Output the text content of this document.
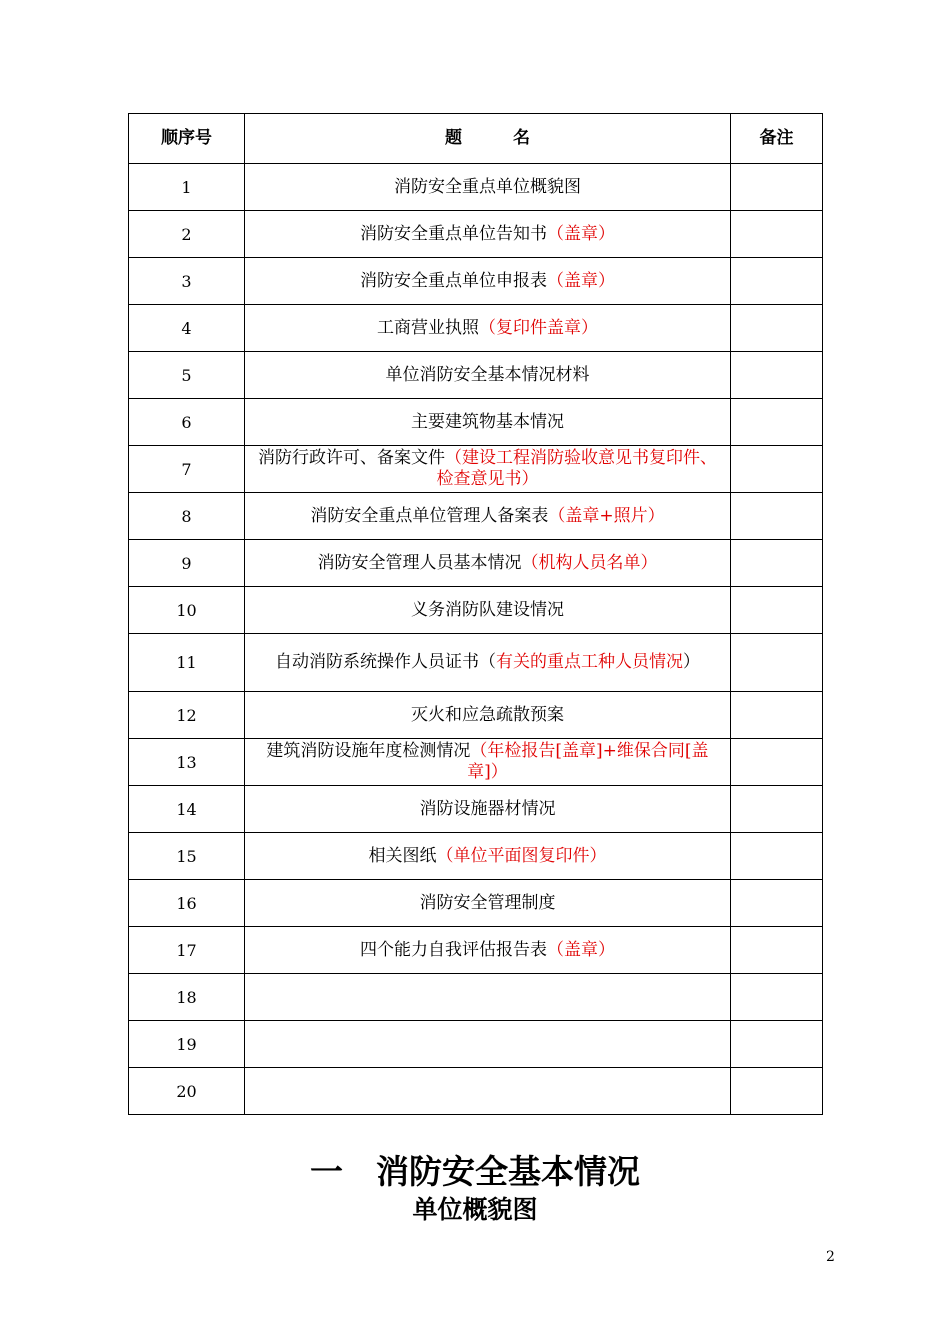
顺序号	题　　　名	备注
1	消防安全重点单位概貌图	
2	消防安全重点单位告知书（盖章）	
3	消防安全重点单位申报表（盖章）	
4	工商营业执照（复印件盖章）	
5	单位消防安全基本情况材料	
6	主要建筑物基本情况	
7	消防行政许可、备案文件（建设工程消防验收意见书复印件、检查意见书）	
8	消防安全重点单位管理人备案表（盖章+照片）	
9	消防安全管理人员基本情况（机构人员名单）	
10	义务消防队建设情况	
11	自动消防系统操作人员证书（有关的重点工种人员情况）	
12	灭火和应急疏散预案	
13	建筑消防设施年度检测情况（年检报告[盖章]+维保合同[盖章]）	
14	消防设施器材情况	
15	相关图纸（单位平面图复印件）	
16	消防安全管理制度	
17	四个能力自我评估报告表（盖章）	
18		
19		
20		
一　消防安全基本情况
单位概貌图
2
